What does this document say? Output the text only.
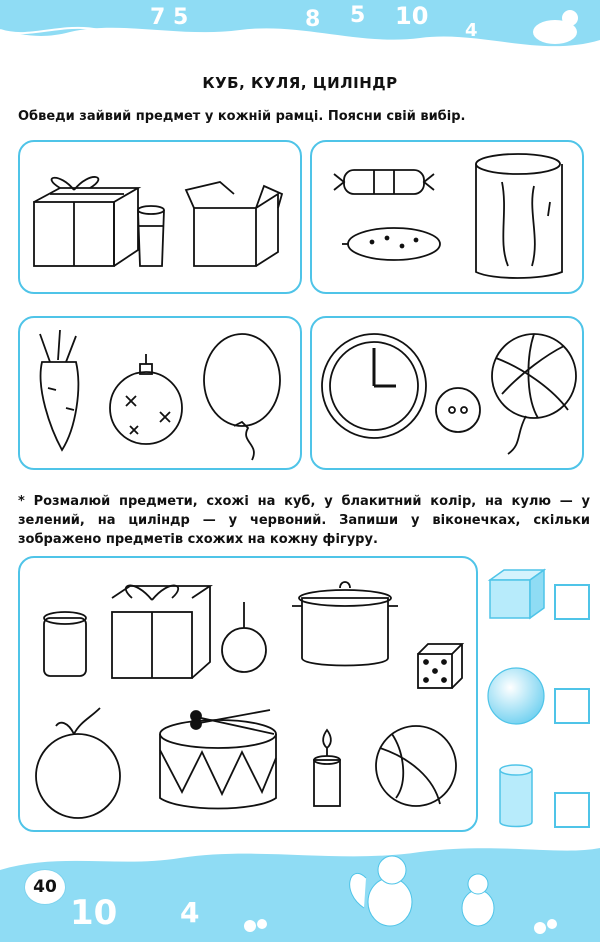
7 5	8 5 10
4
КУБ, КУЛЯ, ЦИЛІНДР
Обведи зайвий предмет у кожній рамці. Поясни свій вибір.
* Розмалюй предмети, схожі на куб, у блакитний колір, на кулю — у зелений, на циліндр — у червоний. Запиши у віконечках, скільки зображено предметів схожих на кожну фігуру.
10 4
40
